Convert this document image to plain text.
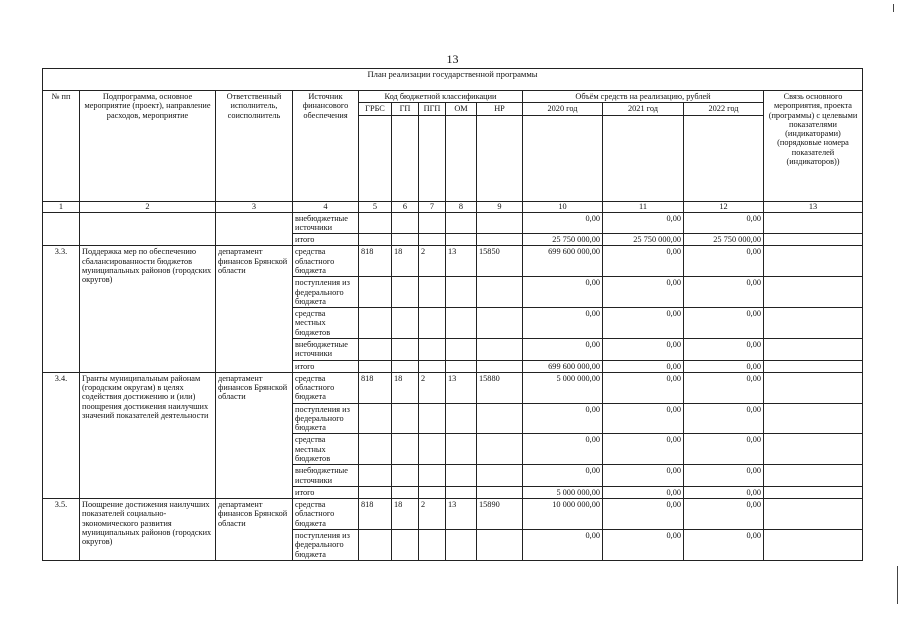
13
План реализации государственной программы												
№ пп	Подпрограмма, основное мероприятие (проект), направление расходов, мероприятие	Ответственный исполнитель, соисполнитель	Источник финансового обеспечения	Код бюджетной классификации					Объём средств на реализацию, рублей			Связь основного мероприятия, проекта (программы) с целевыми показателями (индикаторами) (порядковые номера показателей (индикаторов))
				ГРБС	ГП	ПГП	ОМ	НР	2020 год	2021 год	2022 год	

1	2	3	4	5	6	7	8	9	10	11	12	13
			внебюджетные источники						0,00	0,00	0,00	
			итого						25 750 000,00	25 750 000,00	25 750 000,00	
3.3.	Поддержка мер по обеспечению сбалансированности бюджетов муниципальных районов (городских округов)	департамент финансов Брянской области	средства областного бюджета	818	18	2	13	15850	699 600 000,00	0,00	0,00	
			поступления из федерального бюджета						0,00	0,00	0,00	
			средства местных бюджетов						0,00	0,00	0,00	
			внебюджетные источники						0,00	0,00	0,00	
			итого						699 600 000,00	0,00	0,00	
3.4.	Гранты муниципальным районам (городским округам) в целях содействия достижению и (или) поощрения достижения наилучших значений показателей деятельности	департамент финансов Брянской области	средства областного бюджета	818	18	2	13	15880	5 000 000,00	0,00	0,00	
			поступления из федерального бюджета						0,00	0,00	0,00	
			средства местных бюджетов						0,00	0,00	0,00	
			внебюджетные источники						0,00	0,00	0,00	
			итого						5 000 000,00	0,00	0,00	
3.5.	Поощрение достижения наилучших показателей социально-экономического развития муниципальных районов (городских округов)	департамент финансов Брянской области	средства областного бюджета	818	18	2	13	15890	10 000 000,00	0,00	0,00	
			поступления из федерального бюджета						0,00	0,00	0,00	
